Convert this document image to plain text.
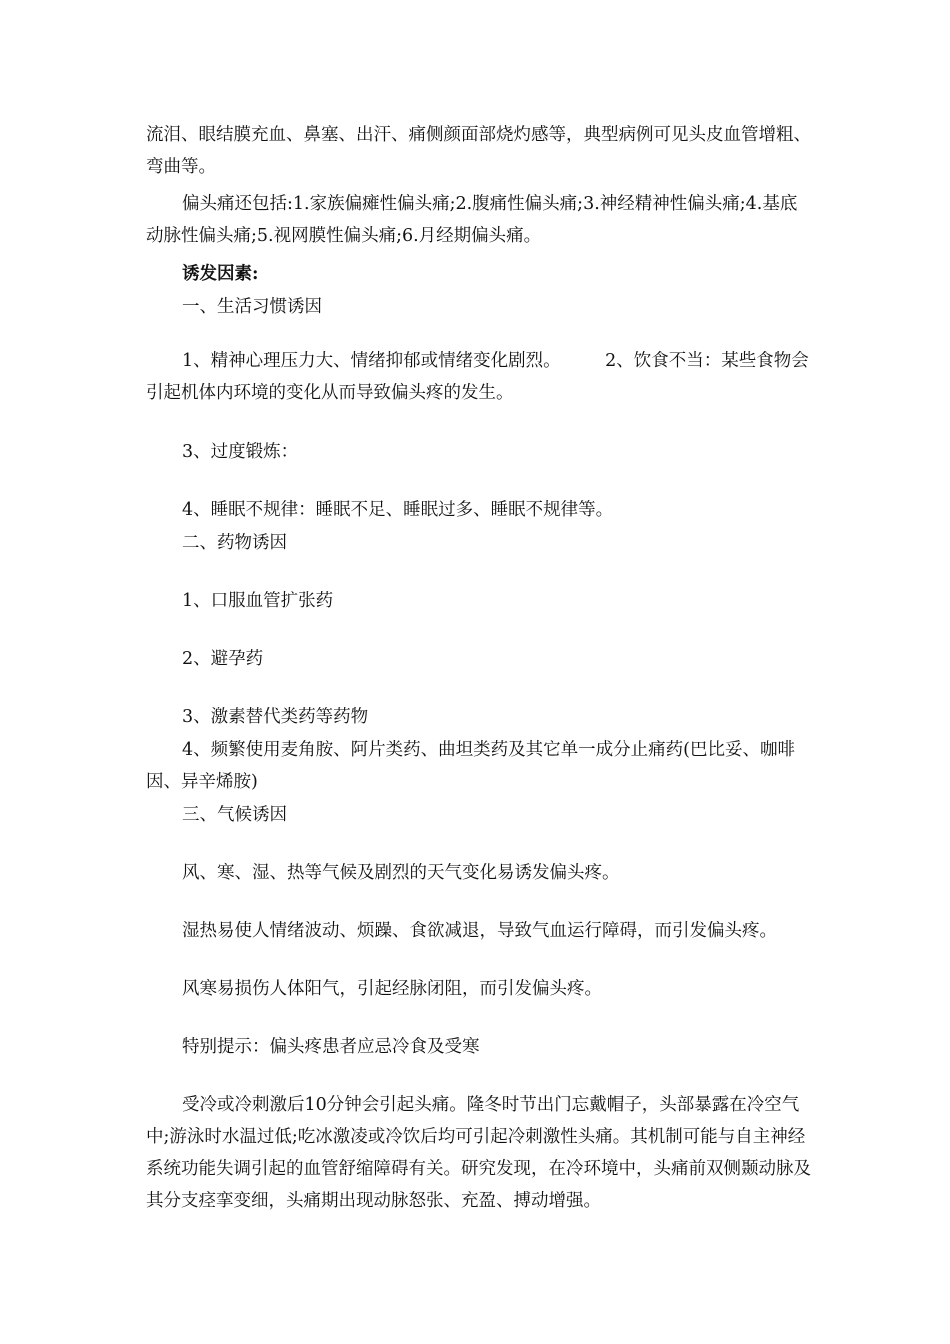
流泪、眼结膜充血、鼻塞、出汗、痛侧颜面部烧灼感等，典型病例可见头皮血管增粗、弯曲等。

偏头痛还包括:1.家族偏瘫性偏头痛;2.腹痛性偏头痛;3.神经精神性偏头痛;4.基底动脉性偏头痛;5.视网膜性偏头痛;6.月经期偏头痛。

诱发因素:

一、生活习惯诱因

1、精神心理压力大、情绪抑郁或情绪变化剧烈。        2、饮食不当：某些食物会引起机体内环境的变化从而导致偏头疼的发生。

3、过度锻炼：

4、睡眠不规律：睡眠不足、睡眠过多、睡眠不规律等。

二、药物诱因

1、口服血管扩张药

2、避孕药

3、激素替代类药等药物

4、频繁使用麦角胺、阿片类药、曲坦类药及其它单一成分止痛药(巴比妥、咖啡因、异辛烯胺)

三、气候诱因

风、寒、湿、热等气候及剧烈的天气变化易诱发偏头疼。

湿热易使人情绪波动、烦躁、食欲减退，导致气血运行障碍，而引发偏头疼。

风寒易损伤人体阳气，引起经脉闭阻，而引发偏头疼。

特别提示：偏头疼患者应忌冷食及受寒

受冷或冷刺激后10分钟会引起头痛。隆冬时节出门忘戴帽子，头部暴露在冷空气中;游泳时水温过低;吃冰激凌或冷饮后均可引起冷刺激性头痛。其机制可能与自主神经系统功能失调引起的血管舒缩障碍有关。研究发现，在冷环境中，头痛前双侧颞动脉及其分支痉挛变细，头痛期出现动脉怒张、充盈、搏动增强。
